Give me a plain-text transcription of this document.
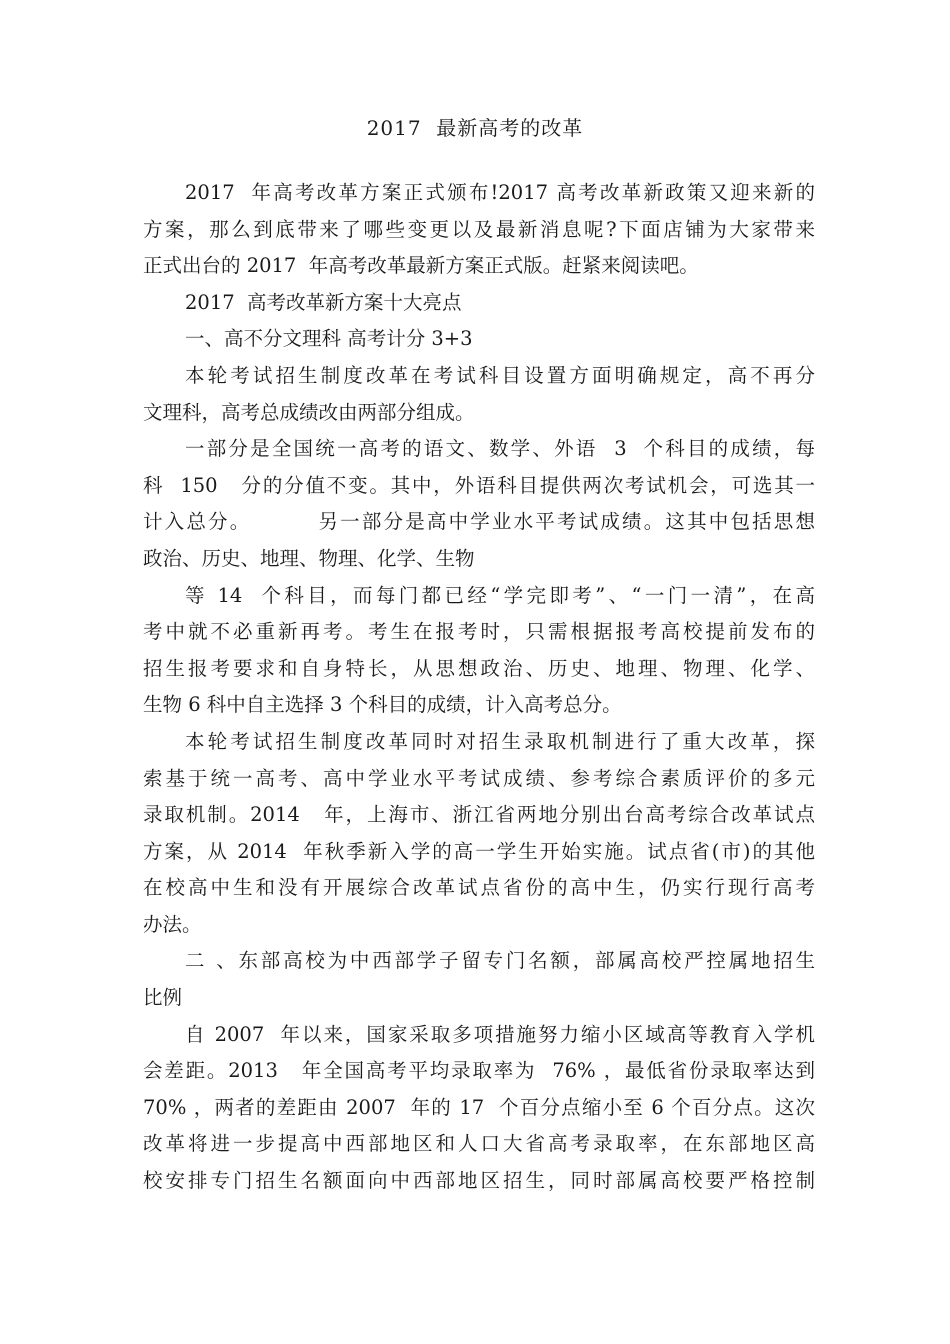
2017  最新高考的改革
2017  年高考改革方案正式颁布!2017 高考改革新政策又迎来新的
方案，那么到底带来了哪些变更以及最新消息呢?下面店铺为大家带来
正式出台的 2017  年高考改革最新方案正式版。赶紧来阅读吧。
2017  高考改革新方案十大亮点
一、高不分文理科 高考计分 3+3
本轮考试招生制度改革在考试科目设置方面明确规定，高不再分
文理科，高考总成绩改由两部分组成。
一部分是全国统一高考的语文、数学、外语  3  个科目的成绩，每
科  150   分的分值不变。其中，外语科目提供两次考试机会，可选其一
计入总分。        另一部分是高中学业水平考试成绩。这其中包括思想
政治、历史、地理、物理、化学、生物
等 14  个科目，而每门都已经“学完即考”、“一门一清”，在高
考中就不必重新再考。考生在报考时，只需根据报考高校提前发布的
招生报考要求和自身特长，从思想政治、历史、地理、物理、化学、
生物 6 科中自主选择 3 个科目的成绩，计入高考总分。
本轮考试招生制度改革同时对招生录取机制进行了重大改革，探
索基于统一高考、高中学业水平考试成绩、参考综合素质评价的多元
录取机制。2014   年，上海市、浙江省两地分别出台高考综合改革试点
方案，从 2014  年秋季新入学的高一学生开始实施。试点省(市)的其他
在校高中生和没有开展综合改革试点省份的高中生，仍实行现行高考
办法。
二 、东部高校为中西部学子留专门名额，部属高校严控属地招生
比例
自 2007  年以来，国家采取多项措施努力缩小区域高等教育入学机
会差距。2013   年全国高考平均录取率为  76% ，最低省份录取率达到
70% ，两者的差距由 2007  年的 17  个百分点缩小至 6 个百分点。这次
改革将进一步提高中西部地区和人口大省高考录取率，在东部地区高
校安排专门招生名额面向中西部地区招生，同时部属高校要严格控制
